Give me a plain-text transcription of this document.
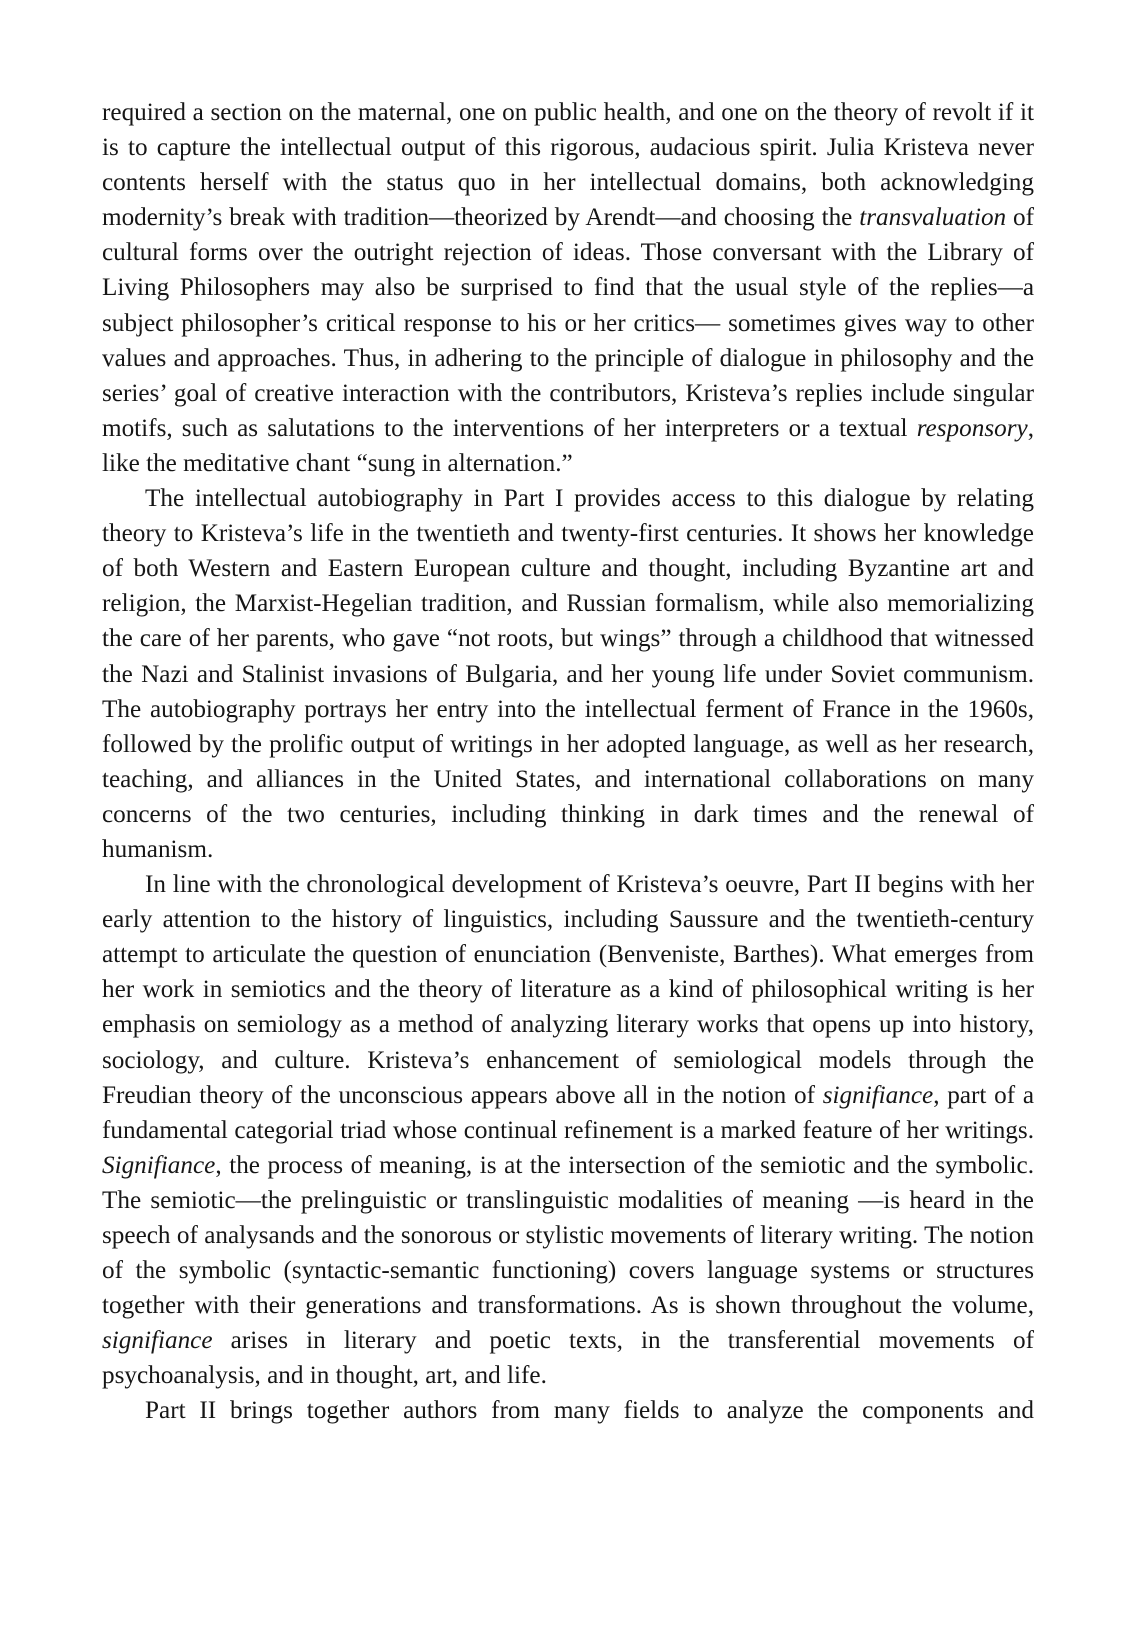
required a section on the maternal, one on public health, and one on the theory of revolt if it is to capture the intellectual output of this rigorous, audacious spirit. Julia Kristeva never contents herself with the status quo in her intellectual domains, both acknowledging modernity’s break with tradition—theorized by Arendt—and choosing the transvaluation of cultural forms over the outright rejection of ideas. Those conversant with the Library of Living Philosophers may also be surprised to find that the usual style of the replies—a subject philosopher’s critical response to his or her critics— sometimes gives way to other values and approaches. Thus, in adhering to the principle of dialogue in philosophy and the series’ goal of creative interaction with the contributors, Kristeva’s replies include singular motifs, such as salutations to the interventions of her interpreters or a textual responsory, like the meditative chant “sung in alternation.”

The intellectual autobiography in Part I provides access to this dialogue by relating theory to Kristeva’s life in the twentieth and twenty-first centuries. It shows her knowledge of both Western and Eastern European culture and thought, including Byzantine art and religion, the Marxist-Hegelian tradition, and Russian formalism, while also memorializing the care of her parents, who gave “not roots, but wings” through a childhood that witnessed the Nazi and Stalinist invasions of Bulgaria, and her young life under Soviet communism. The autobiography portrays her entry into the intellectual ferment of France in the 1960s, followed by the prolific output of writings in her adopted language, as well as her research, teaching, and alliances in the United States, and international collaborations on many concerns of the two centuries, including thinking in dark times and the renewal of humanism.

In line with the chronological development of Kristeva’s oeuvre, Part II begins with her early attention to the history of linguistics, including Saussure and the twentieth-century attempt to articulate the question of enunciation (Benveniste, Barthes). What emerges from her work in semiotics and the theory of literature as a kind of philosophical writing is her emphasis on semiology as a method of analyzing literary works that opens up into history, sociology, and culture. Kristeva’s enhancement of semiological models through the Freudian theory of the unconscious appears above all in the notion of signifiance, part of a fundamental categorial triad whose continual refinement is a marked feature of her writings. Signifiance, the process of meaning, is at the intersection of the semiotic and the symbolic. The semiotic—the prelinguistic or translinguistic modalities of meaning —is heard in the speech of analysands and the sonorous or stylistic movements of literary writing. The notion of the symbolic (syntactic-semantic functioning) covers language systems or structures together with their generations and transformations. As is shown throughout the volume, signifiance arises in literary and poetic texts, in the transferential movements of psychoanalysis, and in thought, art, and life.

Part II brings together authors from many fields to analyze the components and
